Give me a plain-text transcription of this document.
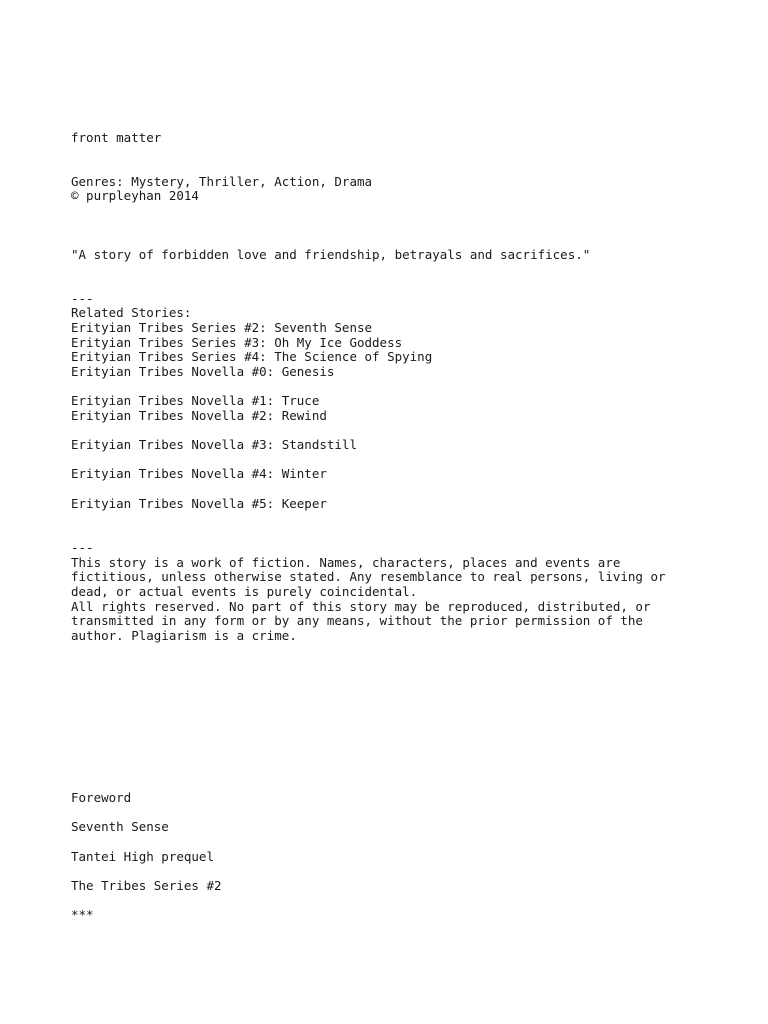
front matter

Genres: Mystery, Thriller, Action, Drama

© purpleyhan 2014

"A story of forbidden love and friendship, betrayals and sacrifices."

---

Related Stories:

Erityian Tribes Series #2: Seventh Sense

Erityian Tribes Series #3: Oh My Ice Goddess

Erityian Tribes Series #4: The Science of Spying

Erityian Tribes Novella #0: Genesis

Erityian Tribes Novella #1: Truce

Erityian Tribes Novella #2: Rewind

Erityian Tribes Novella #3: Standstill

Erityian Tribes Novella #4: Winter

Erityian Tribes Novella #5: Keeper

---

This story is a work of fiction. Names, characters, places and events are

fictitious, unless otherwise stated. Any resemblance to real persons, living or

dead, or actual events is purely coincidental.

All rights reserved. No part of this story may be reproduced, distributed, or

transmitted in any form or by any means, without the prior permission of the

author. Plagiarism is a crime.

Foreword

Seventh Sense

Tantei High prequel

The Tribes Series #2

***
